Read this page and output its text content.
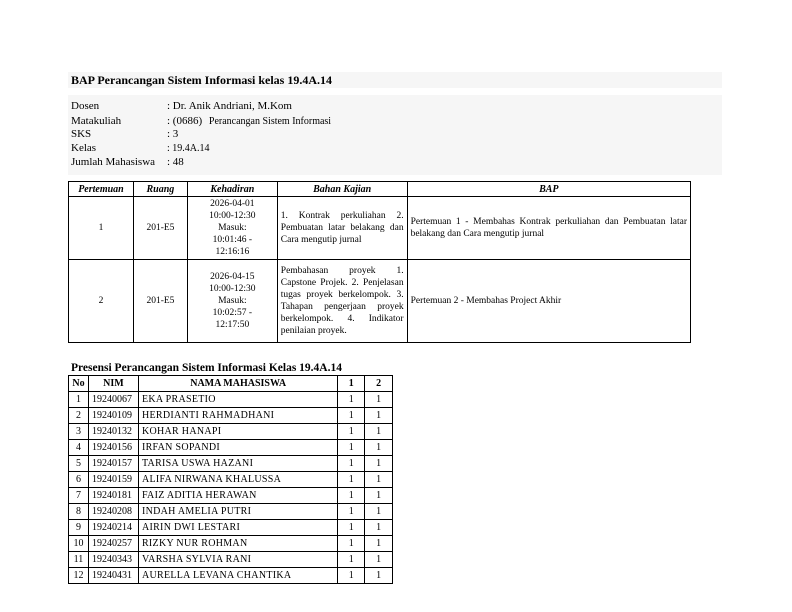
BAP Perancangan Sistem Informasi kelas 19.4A.14
Dosen	: Dr. Anik Andriani, M.Kom
Matakuliah	: (0686) Perancangan Sistem Informasi
SKS	: 3
Kelas	: 19.4A.14
Jumlah Mahasiswa	: 48
Pertemuan	Ruang	Kehadiran	Bahan Kajian	BAP
1	201-E5	2026-04-01
10:00-12:30
Masuk:
10:01:46 -
12:16:16	1. Kontrak perkuliahan 2. Pembuatan latar belakang dan Cara mengutip jurnal	Pertemuan 1 - Membahas Kontrak perkuliahan dan Pembuatan latar belakang dan Cara mengutip jurnal
2	201-E5	2026-04-15
10:00-12:30
Masuk:
10:02:57 -
12:17:50	Pembahasan proyek 1. Capstone Projek. 2. Penjelasan tugas proyek berkelompok. 3. Tahapan pengerjaan proyek berkelompok. 4. Indikator penilaian proyek.	Pertemuan 2 - Membahas Project Akhir
Presensi Perancangan Sistem Informasi Kelas 19.4A.14
No	NIM	NAMA MAHASISWA	1	2
1	19240067	EKA PRASETIO	1	1
2	19240109	HERDIANTI RAHMADHANI	1	1
3	19240132	KOHAR HANAPI	1	1
4	19240156	IRFAN SOPANDI	1	1
5	19240157	TARISA USWA HAZANI	1	1
6	19240159	ALIFA NIRWANA KHALUSSA	1	1
7	19240181	FAIZ ADITIA HERAWAN	1	1
8	19240208	INDAH AMELIA PUTRI	1	1
9	19240214	AIRIN DWI LESTARI	1	1
10	19240257	RIZKY NUR ROHMAN	1	1
11	19240343	VARSHA SYLVIA RANI	1	1
12	19240431	AURELLA LEVANA CHANTIKA	1	1
